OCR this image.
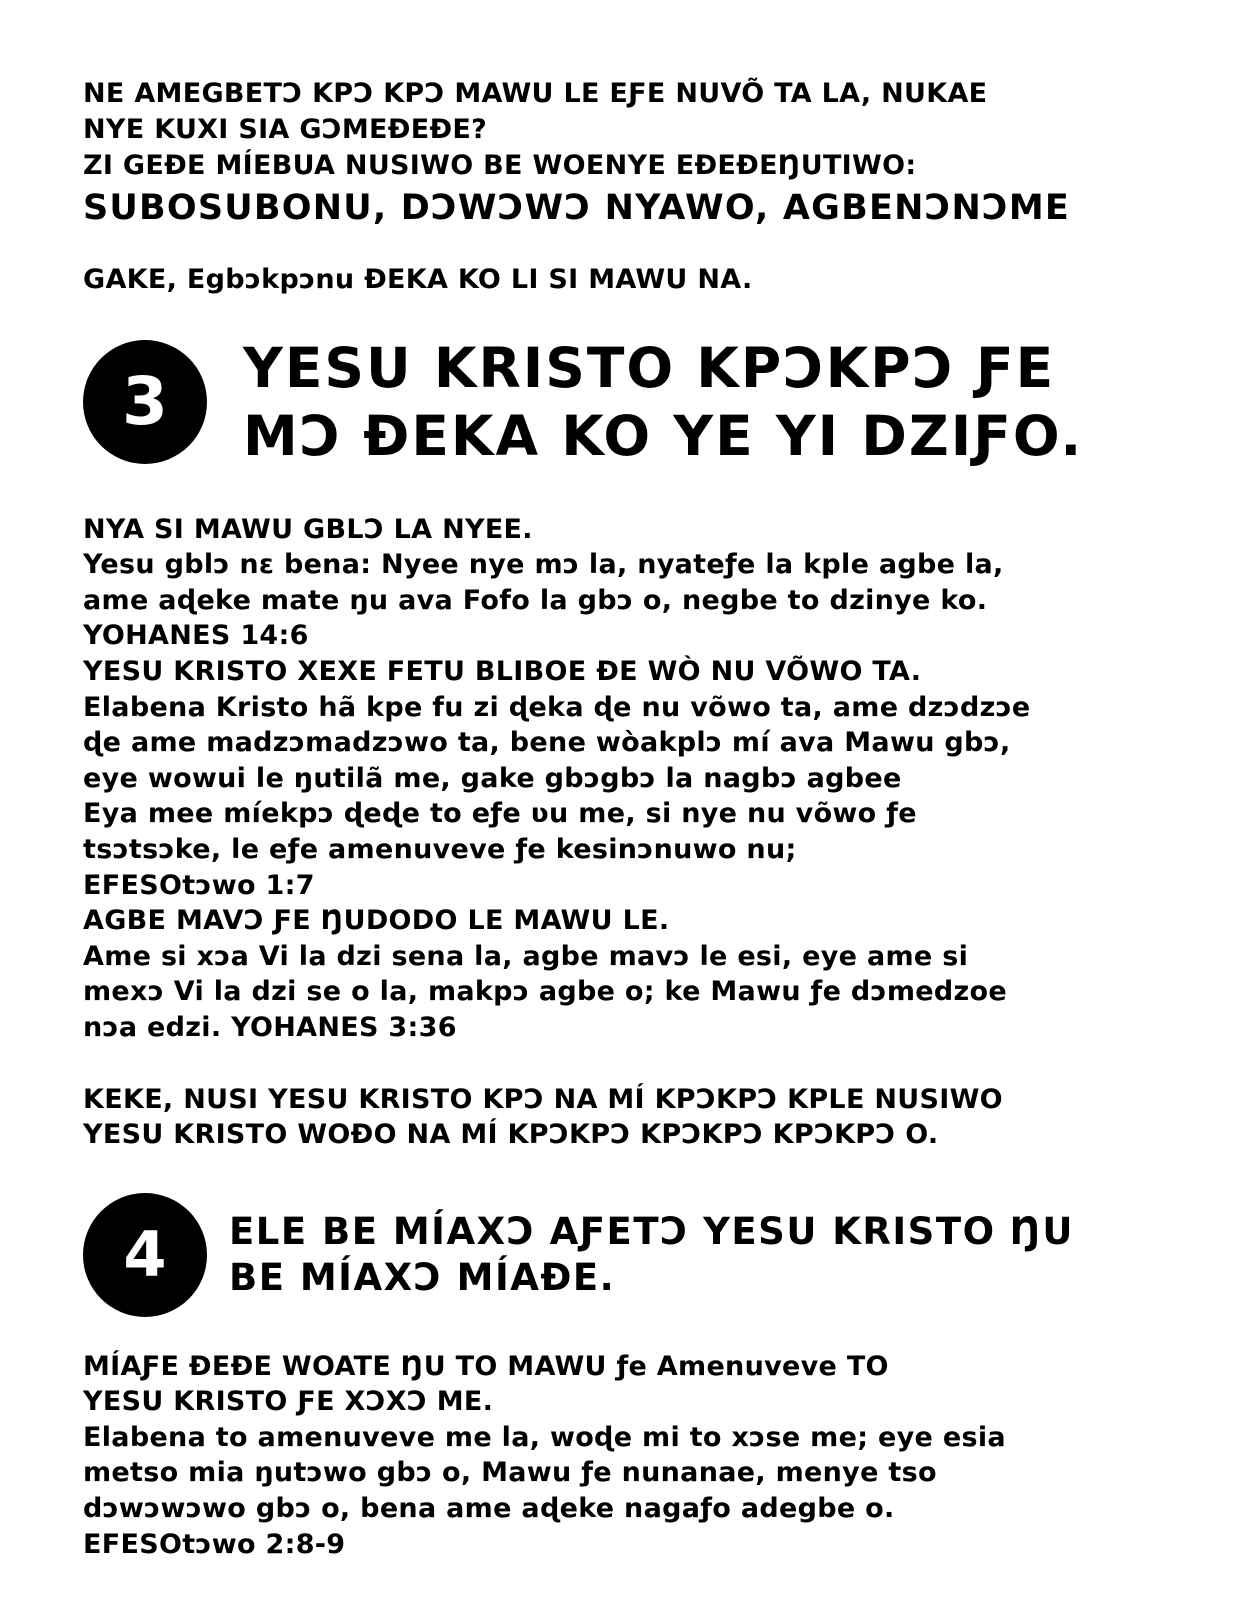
NE AMEGBETƆ KPƆ KPƆ MAWU LE EƑE NUVÕ TA LA, NUKAE
NYE KUXI SIA GƆMEÐEÐE?
ZI GEÐE MÍEBUA NUSIWO BE WOENYE EÐEÐEŊUTIWO:
SUBOSUBONU, DƆWƆWƆ NYAWO, AGBENƆNƆME
GAKE, Egbɔkpɔnu ÐEKA KO LI SI MAWU NA.
3 YESU KRISTO KPƆKPƆ ƑE
MƆ ÐEKA KO YE YI DZIƑO.
NYA SI MAWU GBLƆ LA NYEE.
Yesu gblɔ nɛ bena: Nyee nye mɔ la, nyateƒe la kple agbe la,
ame aɖeke mate ŋu ava Fofo la gbɔ o, negbe to dzinye ko.
YOHANES 14:6
YESU KRISTO XEXE FETU BLIBOE ÐE WÒ NU VÕWO TA.
Elabena Kristo hã kpe fu zi ɖeka ɖe nu võwo ta, ame dzɔdzɔe
ɖe ame madzɔmadzɔwo ta, bene wòakplɔ mí ava Mawu gbɔ,
eye wowui le ŋutilã me, gake gbɔgbɔ la nagbɔ agbee
Eya mee míekpɔ ɖeɖe to eƒe ʋu me, si nye nu võwo ƒe
tsɔtsɔke, le eƒe amenuveve ƒe kesinɔnuwo nu;
EFESOtɔwo 1:7
AGBE MAVƆ ƑE ŊUDODO LE MAWU LE.
Ame si xɔa Vi la dzi sena la, agbe mavɔ le esi, eye ame si
mexɔ Vi la dzi se o la, makpɔ agbe o; ke Mawu ƒe dɔmedzoe
nɔa edzi. YOHANES 3:36
KEKE, NUSI YESU KRISTO KPƆ NA MÍ KPƆKPƆ KPLE NUSIWO
YESU KRISTO WOÐO NA MÍ KPƆKPƆ KPƆKPƆ KPƆKPƆ O.
4 ELE BE MÍAXƆ AƑETƆ YESU KRISTO ŊU
BE MÍAXƆ MÍAÐE.
MÍAƑE ÐEÐE WOATE ŊU TO MAWU ƒe Amenuveve TO
YESU KRISTO ƑE XƆXƆ ME.
Elabena to amenuveve me la, woɖe mi to xɔse me; eye esia
metso mia ŋutɔwo gbɔ o, Mawu ƒe nunanae, menye tso
dɔwɔwɔwo gbɔ o, bena ame aɖeke nagaƒo adegbe o.
EFESOtɔwo 2:8-9
